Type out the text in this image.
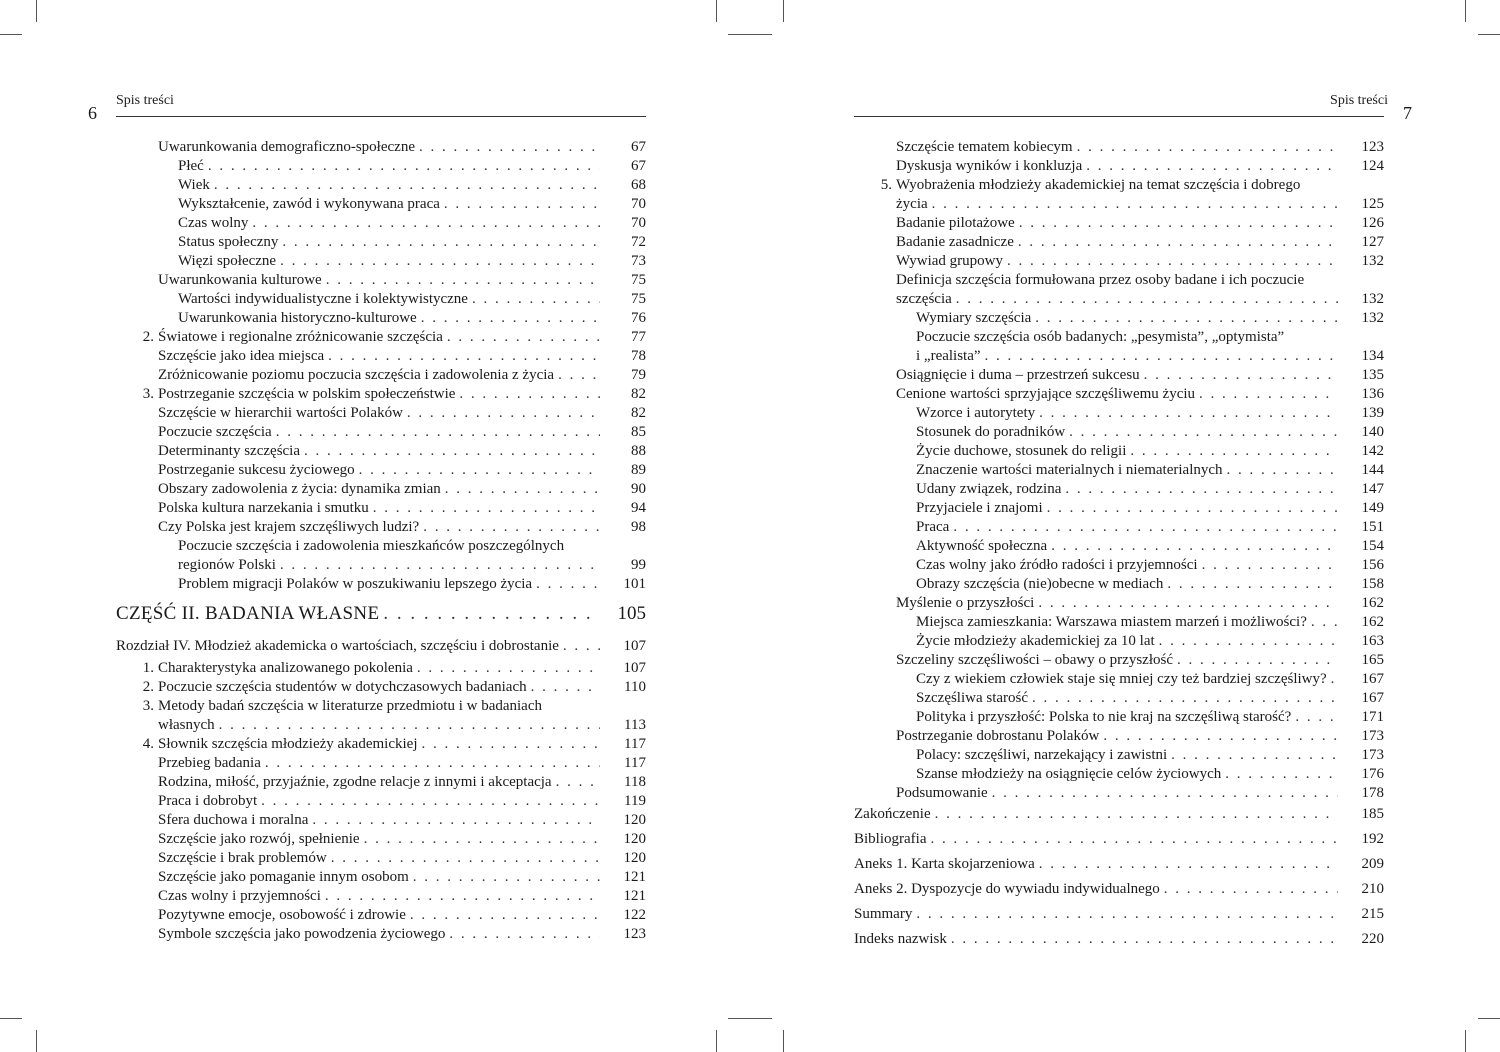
6
Spis treści
Uwarunkowania demograficzno-społeczne . . .	67
Płeć . . .	67
Wiek . . .	68
Wykształcenie, zawód i wykonywana praca . . .	70
Czas wolny . . .	70
Status społeczny . . .	72
Więzi społeczne . . .	73
Uwarunkowania kulturowe . . .	75
Wartości indywidualistyczne i kolektywistyczne . . .	75
Uwarunkowania historyczno-kulturowe . . .	76
2. Światowe i regionalne zróżnicowanie szczęścia . . .	77
Szczęście jako idea miejsca . . .	78
Zróżnicowanie poziomu poczucia szczęścia i zadowolenia z życia . . .	79
3. Postrzeganie szczęścia w polskim społeczeństwie . . .	82
Szczęście w hierarchii wartości Polaków . . .	82
Poczucie szczęścia . . .	85
Determinanty szczęścia . . .	88
Postrzeganie sukcesu życiowego . . .	89
Obszary zadowolenia z życia: dynamika zmian . . .	90
Polska kultura narzekania i smutku . . .	94
Czy Polska jest krajem szczęśliwych ludzi? . . .	98
Poczucie szczęścia i zadowolenia mieszkańców poszczególnych
regionów Polski . . .	99
Problem migracji Polaków w poszukiwaniu lepszego życia . . .	101
CZĘŚĆ II. BADANIA WŁASNE . . .	105
Rozdział IV. Młodzież akademicka o wartościach, szczęściu i dobrostanie . . .	107
1. Charakterystyka analizowanego pokolenia . . .	107
2. Poczucie szczęścia studentów w dotychczasowych badaniach . . .	110
3. Metody badań szczęścia w literaturze przedmiotu i w badaniach
własnych . . .	113
4. Słownik szczęścia młodzieży akademickiej . . .	117
Przebieg badania . . .	117
Rodzina, miłość, przyjaźnie, zgodne relacje z innymi i akceptacja . . .	118
Praca i dobrobyt . . .	119
Sfera duchowa i moralna . . .	120
Szczęście jako rozwój, spełnienie . . .	120
Szczęście i brak problemów . . .	120
Szczęście jako pomaganie innym osobom . . .	121
Czas wolny i przyjemności . . .	121
Pozytywne emocje, osobowość i zdrowie . . .	122
Symbole szczęścia jako powodzenia życiowego . . .	123
Spis treści
7
Szczęście tematem kobiecym . . .	123
Dyskusja wyników i konkluzja . . .	124
5. Wyobrażenia młodzieży akademickiej na temat szczęścia i dobrego
życia . . .	125
Badanie pilotażowe . . .	126
Badanie zasadnicze . . .	127
Wywiad grupowy . . .	132
Definicja szczęścia formułowana przez osoby badane i ich poczucie
szczęścia . . .	132
Wymiary szczęścia . . .	132
Poczucie szczęścia osób badanych: „pesymista”, „optymista”
i „realista” . . .	134
Osiągnięcie i duma – przestrzeń sukcesu . . .	135
Cenione wartości sprzyjające szczęśliwemu życiu . . .	136
Wzorce i autorytety . . .	139
Stosunek do poradników . . .	140
Życie duchowe, stosunek do religii . . .	142
Znaczenie wartości materialnych i niematerialnych . . .	144
Udany związek, rodzina . . .	147
Przyjaciele i znajomi . . .	149
Praca . . .	151
Aktywność społeczna . . .	154
Czas wolny jako źródło radości i przyjemności . . .	156
Obrazy szczęścia (nie)obecne w mediach . . .	158
Myślenie o przyszłości . . .	162
Miejsca zamieszkania: Warszawa miastem marzeń i możliwości? . . .	162
Życie młodzieży akademickiej za 10 lat . . .	163
Szczeliny szczęśliwości – obawy o przyszłość . . .	165
Czy z wiekiem człowiek staje się mniej czy też bardziej szczęśliwy? . . .	167
Szczęśliwa starość . . .	167
Polityka i przyszłość: Polska to nie kraj na szczęśliwą starość? . . .	171
Postrzeganie dobrostanu Polaków . . .	173
Polacy: szczęśliwi, narzekający i zawistni . . .	173
Szanse młodzieży na osiągnięcie celów życiowych . . .	176
Podsumowanie . . .	178
Zakończenie . . .	185
Bibliografia . . .	192
Aneks 1. Karta skojarzeniowa . . .	209
Aneks 2. Dyspozycje do wywiadu indywidualnego . . .	210
Summary . . .	215
Indeks nazwisk . . .	220
